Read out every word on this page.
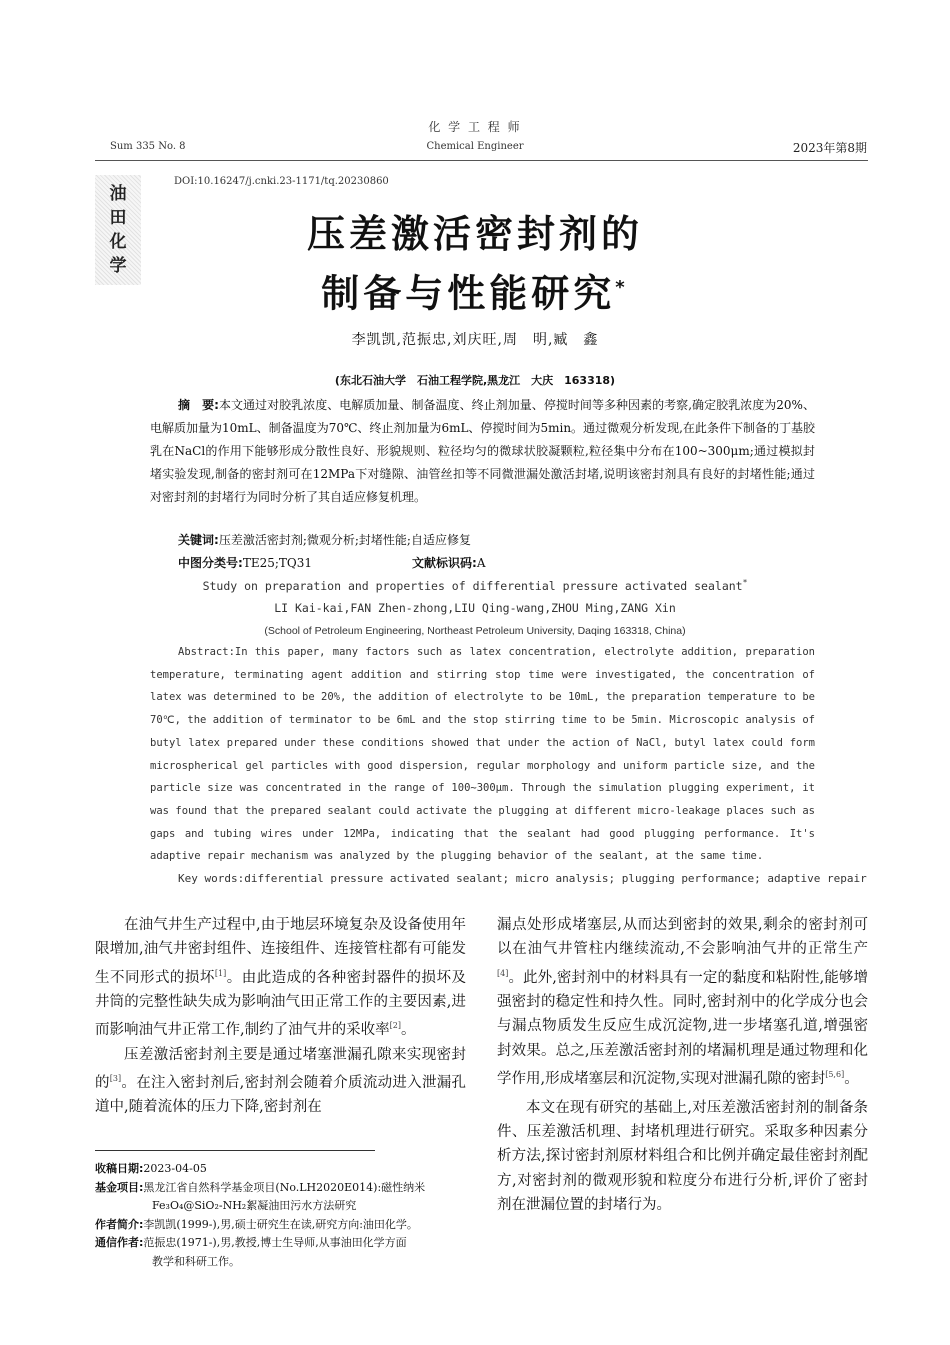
化 学 工 程 师
Sum 335 No. 8	Chemical Engineer	2023年第8期
油
田
化
学
DOI:10.16247/j.cnki.23-1171/tq.20230860
压差激活密封剂的
制备与性能研究*
李凯凯,范振忠,刘庆旺,周　明,臧　鑫
(东北石油大学　石油工程学院,黑龙江　大庆　163318)
摘　要:本文通过对胶乳浓度、电解质加量、制备温度、终止剂加量、停搅时间等多种因素的考察,确定胶乳浓度为20%、电解质加量为10mL、制备温度为70℃、终止剂加量为6mL、停搅时间为5min。通过微观分析发现,在此条件下制备的丁基胶乳在NaCl的作用下能够形成分散性良好、形貌规则、粒径均匀的微球状胶凝颗粒,粒径集中分布在100~300μm;通过模拟封堵实验发现,制备的密封剂可在12MPa下对缝隙、油管丝扣等不同微泄漏处激活封堵,说明该密封剂具有良好的封堵性能;通过对密封剂的封堵行为同时分析了其自适应修复机理。
关键词:压差激活密封剂;微观分析;封堵性能;自适应修复
中图分类号:TE25;TQ31	文献标识码:A
Study on preparation and properties of differential pressure activated sealant*
LI Kai-kai,FAN Zhen-zhong,LIU Qing-wang,ZHOU Ming,ZANG Xin
(School of Petroleum Engineering, Northeast Petroleum University, Daqing 163318, China)
Abstract:In this paper, many factors such as latex concentration, electrolyte addition, preparation temperature, terminating agent addition and stirring stop time were investigated, the concentration of latex was determined to be 20%, the addition of electrolyte to be 10mL, the preparation temperature to be 70℃, the addition of terminator to be 6mL and the stop stirring time to be 5min. Microscopic analysis of butyl latex prepared under these conditions showed that under the action of NaCl, butyl latex could form microspherical gel particles with good dispersion, regular morphology and uniform particle size, and the particle size was concentrated in the range of 100~300μm. Through the simulation plugging experiment, it was found that the prepared sealant could activate the plugging at different micro-leakage places such as gaps and tubing wires under 12MPa, indicating that the sealant had good plugging performance. It's adaptive repair mechanism was analyzed by the plugging behavior of the sealant, at the same time.
Key words:differential pressure activated sealant; micro analysis; plugging performance; adaptive repair

在油气井生产过程中,由于地层环境复杂及设备使用年限增加,油气井密封组件、连接组件、连接管柱都有可能发生不同形式的损坏[1]。由此造成的各种密封器件的损坏及井筒的完整性缺失成为影响油气田正常工作的主要因素,进而影响油气井正常工作,制约了油气井的采收率[2]。

压差激活密封剂主要是通过堵塞泄漏孔隙来实现密封的[3]。在注入密封剂后,密封剂会随着介质流动进入泄漏孔道中,随着流体的压力下降,密封剂在

收稿日期:2023-04-05
基金项目:黑龙江省自然科学基金项目(No.LH2020E014):磁性纳米
Fe₃O₄@SiO₂-NH₂絮凝油田污水方法研究
作者简介:李凯凯(1999-),男,硕士研究生在读,研究方向:油田化学。
通信作者:范振忠(1971-),男,教授,博士生导师,从事油田化学方面
教学和科研工作。

漏点处形成堵塞层,从而达到密封的效果,剩余的密封剂可以在油气井管柱内继续流动,不会影响油气井的正常生产[4]。此外,密封剂中的材料具有一定的黏度和粘附性,能够增强密封的稳定性和持久性。同时,密封剂中的化学成分也会与漏点物质发生反应生成沉淀物,进一步堵塞孔道,增强密封效果。总之,压差激活密封剂的堵漏机理是通过物理和化学作用,形成堵塞层和沉淀物,实现对泄漏孔隙的密封[5,6]。

本文在现有研究的基础上,对压差激活密封剂的制备条件、压差激活机理、封堵机理进行研究。采取多种因素分析方法,探讨密封剂原材料组合和比例并确定最佳密封剂配方,对密封剂的微观形貌和粒度分布进行分析,评价了密封剂在泄漏位置的封堵行为。
